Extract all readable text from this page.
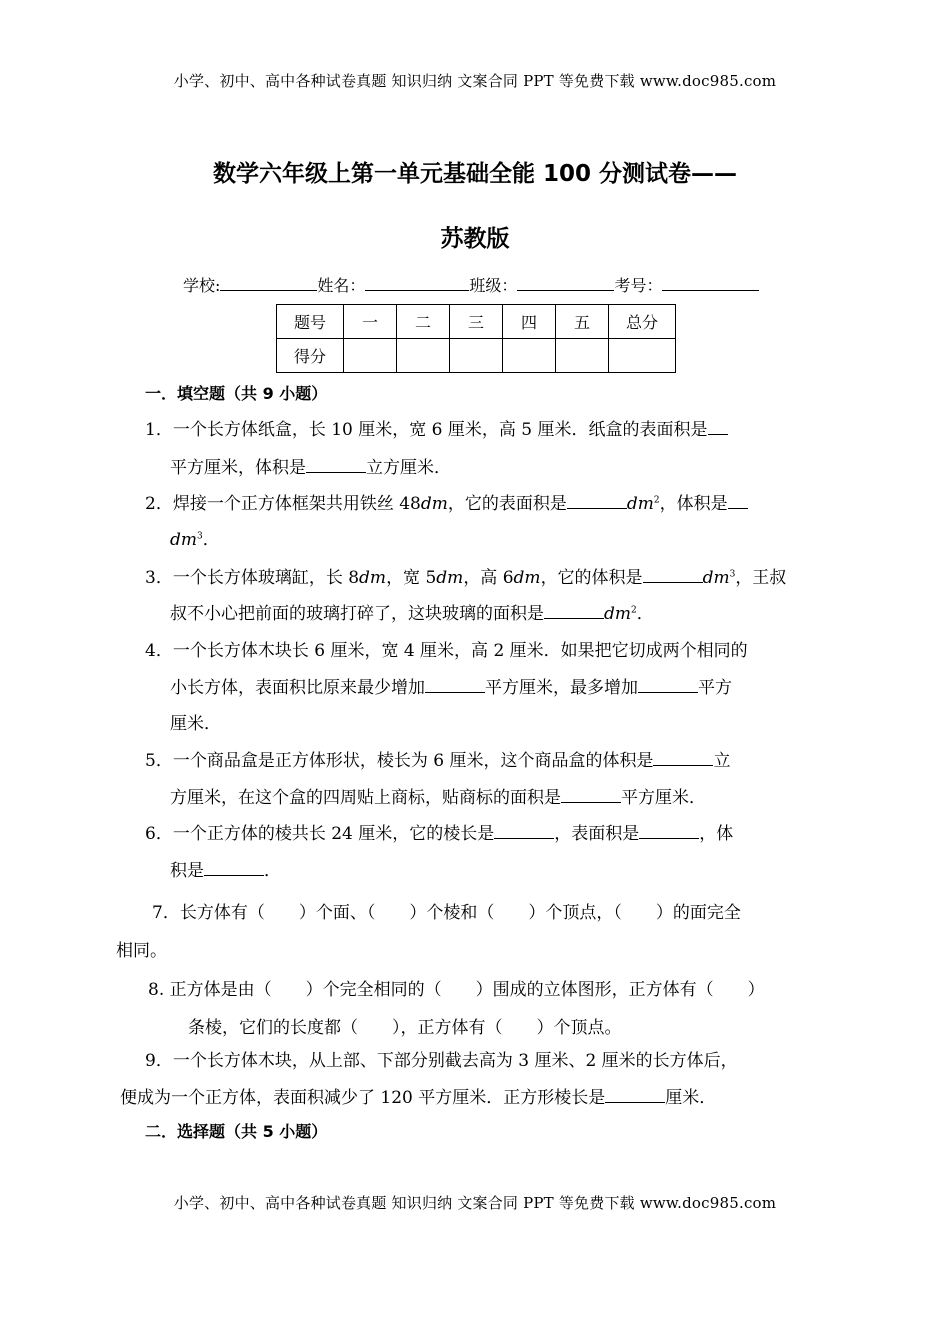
小学、初中、高中各种试卷真题 知识归纳 文案合同 PPT 等免费下载 www.doc985.com
数学六年级上第一单元基础全能 100 分测试卷——
苏教版
学校:	姓名：	班级：	考号：
题号	一	二	三	四	五	总分
得分						
一．填空题（共 9 小题）
1．一个长方体纸盒，长 10 厘米，宽 6 厘米，高 5 厘米．纸盒的表面积是
平方厘米，体积是	立方厘米．
2．焊接一个正方体框架共用铁丝 48dm，它的表面积是	$dm^2$，体积是
$dm^3$．
3．一个长方体玻璃缸，长 8dm，宽 5dm，高 6dm，它的体积是	$dm^3$，王叔
叔不小心把前面的玻璃打碎了，这块玻璃的面积是	$dm^2$．
4．一个长方体木块长 6 厘米，宽 4 厘米，高 2 厘米．如果把它切成两个相同的
小长方体，表面积比原来最少增加	平方厘米，最多增加	平方
厘米．
5．一个商品盒是正方体形状，棱长为 6 厘米，这个商品盒的体积是	立
方厘米，在这个盒的四周贴上商标，贴商标的面积是	平方厘米．
6．一个正方体的棱共长 24 厘米，它的棱长是	，表面积是	，体
积是	．
7．长方体有（　　）个面、（　　）个棱和（　　）个顶点，（　　）的面完全
相同。
8. 正方体是由（　　）个完全相同的（　　）围成的立体图形，正方体有（　　）
条棱，它们的长度都（　　），正方体有（　　）个顶点。
9．一个长方体木块，从上部、下部分别截去高为 3 厘米、2 厘米的长方体后，
便成为一个正方体，表面积减少了 120 平方厘米．正方形棱长是	厘米．
二．选择题（共 5 小题）
小学、初中、高中各种试卷真题 知识归纳 文案合同 PPT 等免费下载 www.doc985.com
